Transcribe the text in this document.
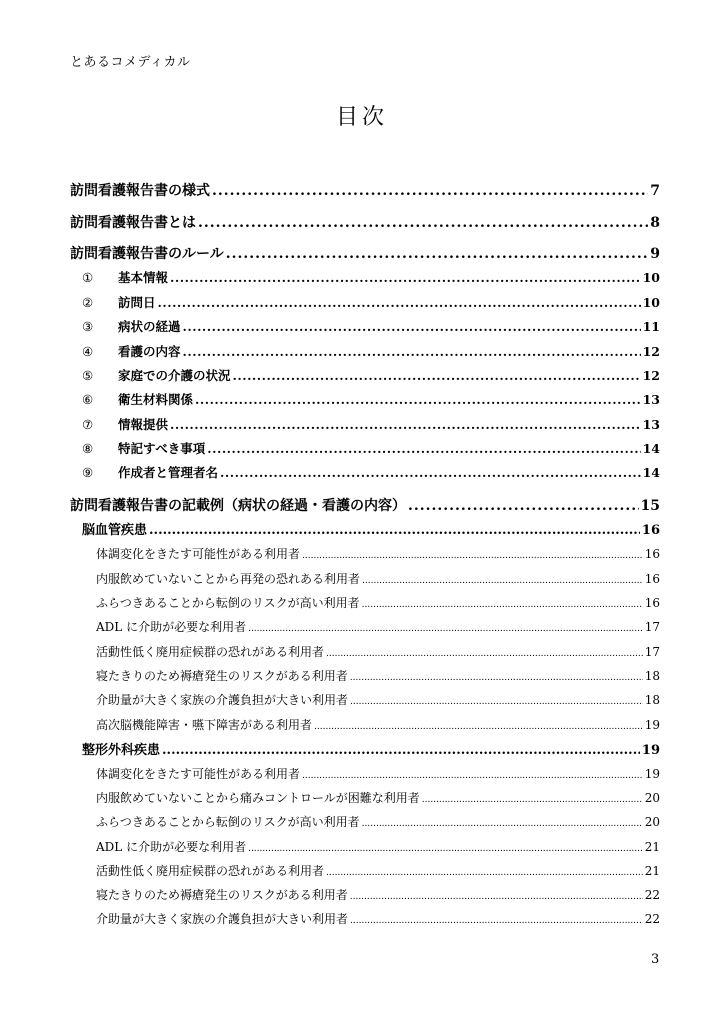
とあるコメディカル
目次
訪問看護報告書の様式 .....	7
訪問看護報告書とは .....	8
訪問看護報告書のルール .....	9
①	基本情報 .....	10
②	訪問日 .....	10
③	病状の経過 .....	11
④	看護の内容 .....	12
⑤	家庭での介護の状況 .....	12
⑥	衛生材料関係 .....	13
⑦	情報提供 .....	13
⑧	特記すべき事項 .....	14
⑨	作成者と管理者名 .....	14
訪問看護報告書の記載例（病状の経過・看護の内容） .....	15
脳血管疾患 .....	16
体調変化をきたす可能性がある利用者 .....	16
内服飲めていないことから再発の恐れある利用者 .....	16
ふらつきあることから転倒のリスクが高い利用者 .....	16
ADL に介助が必要な利用者 .....	17
活動性低く廃用症候群の恐れがある利用者 .....	17
寝たきりのため褥瘡発生のリスクがある利用者 .....	18
介助量が大きく家族の介護負担が大きい利用者 .....	18
高次脳機能障害・嚥下障害がある利用者 .....	19
整形外科疾患 .....	19
体調変化をきたす可能性がある利用者 .....	19
内服飲めていないことから痛みコントロールが困難な利用者 .....	20
ふらつきあることから転倒のリスクが高い利用者 .....	20
ADL に介助が必要な利用者 .....	21
活動性低く廃用症候群の恐れがある利用者 .....	21
寝たきりのため褥瘡発生のリスクがある利用者 .....	22
介助量が大きく家族の介護負担が大きい利用者 .....	22
3
